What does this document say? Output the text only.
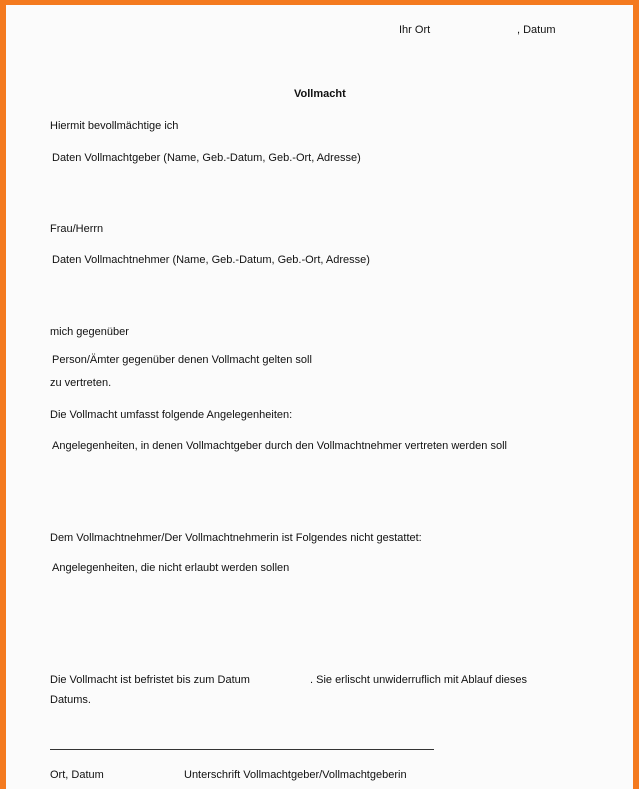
Ihr Ort	, Datum
Vollmacht
Hiermit bevollmächtige ich
Daten Vollmachtgeber (Name, Geb.-Datum, Geb.-Ort, Adresse)
Frau/Herrn
Daten Vollmachtnehmer (Name, Geb.-Datum, Geb.-Ort, Adresse)
mich gegenüber
Person/Ämter gegenüber denen Vollmacht gelten soll
zu vertreten.
Die Vollmacht umfasst folgende Angelegenheiten:
Angelegenheiten, in denen Vollmachtgeber durch den Vollmachtnehmer vertreten werden soll
Dem Vollmachtnehmer/Der Vollmachtnehmerin ist Folgendes nicht gestattet:
Angelegenheiten, die nicht erlaubt werden sollen
Die Vollmacht ist befristet bis zum Datum	. Sie erlischt unwiderruflich mit Ablauf dieses
Datums.
Ort, Datum	Unterschrift Vollmachtgeber/Vollmachtgeberin
